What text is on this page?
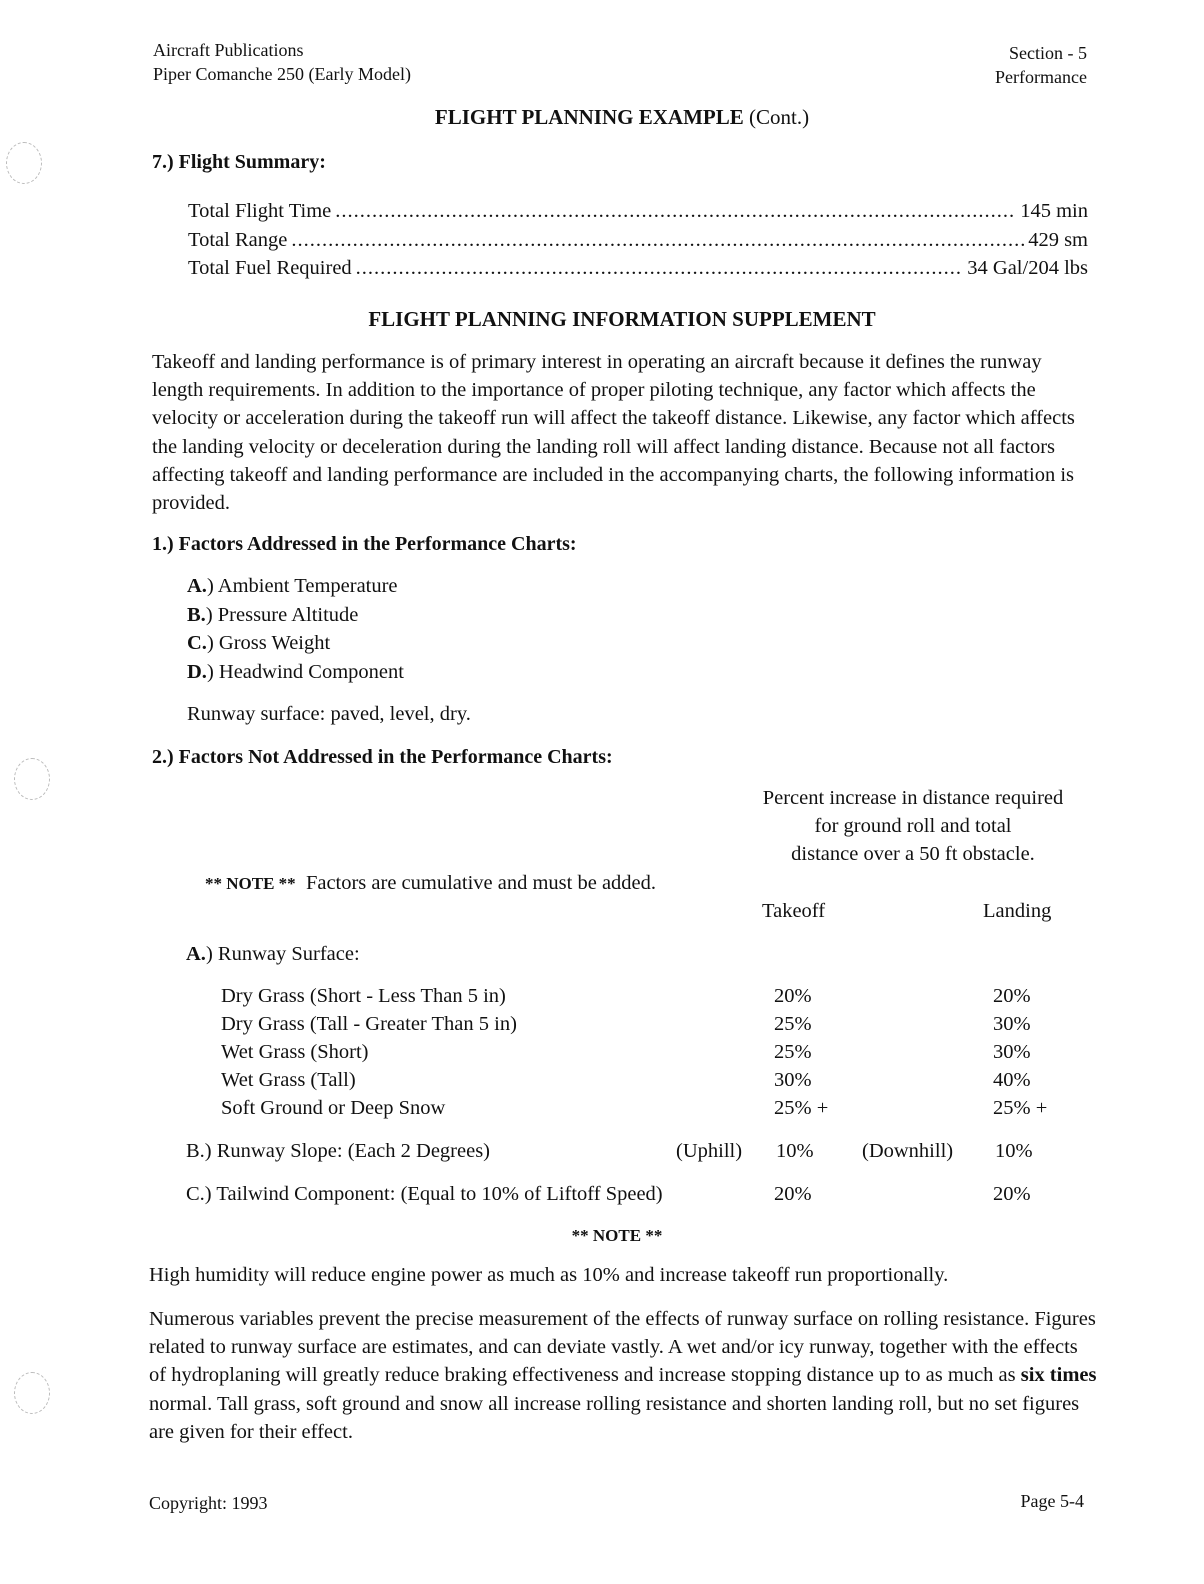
Aircraft Publications
Piper Comanche 250 (Early Model)
Section - 5
Performance
FLIGHT PLANNING EXAMPLE (Cont.)
7.) Flight Summary:
Total Flight Time .....	145 min
Total Range .....	429 sm
Total Fuel Required .....	34 Gal/204 lbs
FLIGHT PLANNING INFORMATION SUPPLEMENT
Takeoff and landing performance is of primary interest in operating an aircraft because it defines the runway length requirements. In addition to the importance of proper piloting technique, any factor which affects the velocity or acceleration during the takeoff run will affect the takeoff distance. Likewise, any factor which affects the landing velocity or deceleration during the landing roll will affect landing distance. Because not all factors affecting takeoff and landing performance are included in the accompanying charts, the following information is provided.
1.) Factors Addressed in the Performance Charts:
A.) Ambient Temperature
B.) Pressure Altitude
C.) Gross Weight
D.) Headwind Component
Runway surface: paved, level, dry.
2.) Factors Not Addressed in the Performance Charts:
Percent increase in distance required
for ground roll and total
distance over a 50 ft obstacle.
** NOTE ** Factors are cumulative and must be added.
Takeoff	Landing
A.) Runway Surface:
Dry Grass (Short - Less Than 5 in)	20%	20%
Dry Grass (Tall - Greater Than 5 in)	25%	30%
Wet Grass (Short)	25%	30%
Wet Grass (Tall)	30%	40%
Soft Ground or Deep Snow	25% +	25% +
B.) Runway Slope: (Each 2 Degrees)	(Uphill) 10% (Downhill) 10%
C.) Tailwind Component: (Equal to 10% of Liftoff Speed)	20%	20%
** NOTE **
High humidity will reduce engine power as much as 10% and increase takeoff run proportionally.
Numerous variables prevent the precise measurement of the effects of runway surface on rolling resistance. Figures related to runway surface are estimates, and can deviate vastly. A wet and/or icy runway, together with the effects of hydroplaning will greatly reduce braking effectiveness and increase stopping distance up to as much as six times normal. Tall grass, soft ground and snow all increase rolling resistance and shorten landing roll, but no set figures are given for their effect.
Copyright: 1993	Page 5-4
